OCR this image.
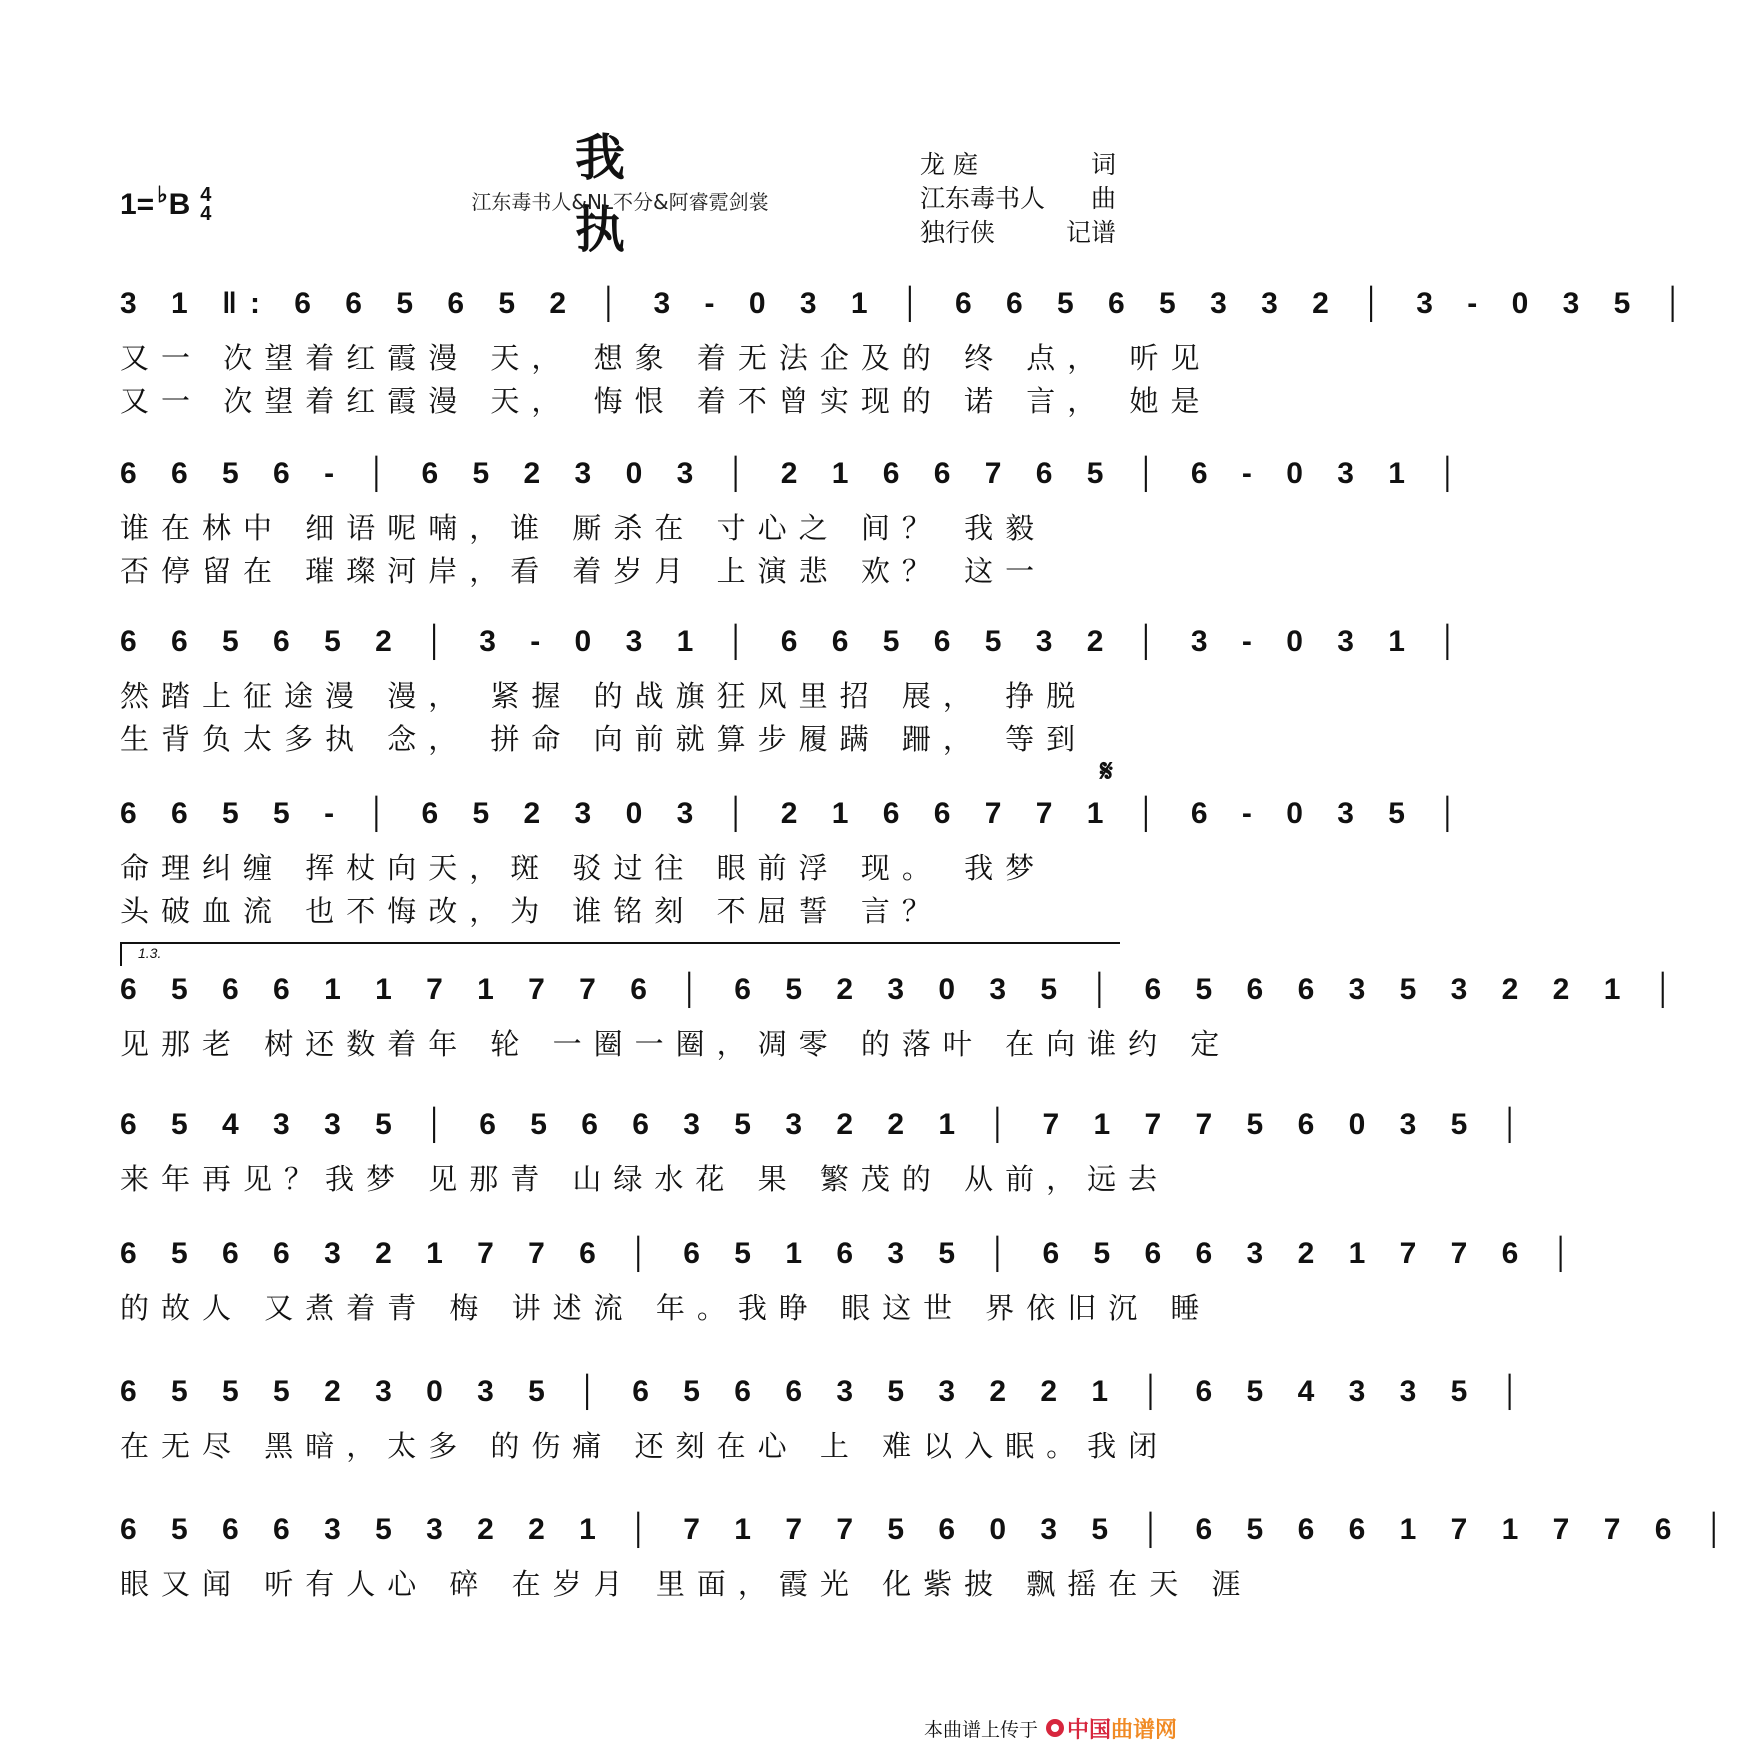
我 执
江东毒书人&NL不分&阿睿霓剑裳
1= ♭ B 4
4
龙 庭	词
江东毒书人 曲
独行侠	记谱
3 1 ‖: 6 6 5 6 5 2 │ 3 - 0 3 1 │ 6 6 5 6 5 3 3 2 │ 3 - 0 3 5 │
又一 次望着红霞漫 天， 想象 着无法企及的 终 点， 听见
又一 次望着红霞漫 天， 悔恨 着不曾实现的 诺 言， 她是
6 6 5 6 - │ 6 5 2 3 0 3 │ 2 1 6 6 7 6 5 │ 6 - 0 3 1 │
谁在林中 细语呢喃，谁 厮杀在 寸心之 间？ 我毅
否停留在 璀璨河岸，看 着岁月 上演悲 欢？ 这一
6 6 5 6 5 2 │ 3 - 0 3 1 │ 6 6 5 6 5 3 2 │ 3 - 0 3 1 │
然踏上征途漫 漫， 紧握 的战旗狂风里招 展， 挣脱
生背负太多执 念， 拼命 向前就算步履蹒 跚， 等到
𝄋
6 6 5 5 - │ 6 5 2 3 0 3 │ 2 1 6 6 7 7 1 │ 6 - 0 3 5 │
命理纠缠 挥杖向天，斑 驳过往 眼前浮 现。 我梦
头破血流 也不悔改，为 谁铭刻 不屈誓 言？
1.3.
6 5 6 6 1 1 7 1 7 7 6 │ 6 5 2 3 0 3 5 │ 6 5 6 6 3 5 3 2 2 1 │
见那老 树还数着年 轮 一圈一圈，凋零 的落叶 在向谁约 定
6 5 4 3 3 5 │ 6 5 6 6 3 5 3 2 2 1 │ 7 1 7 7 5 6 0 3 5 │
来年再见？我梦 见那青 山绿水花 果 繁茂的 从前，远去
6 5 6 6 3 2 1 7 7 6 │ 6 5 1 6 3 5 │ 6 5 6 6 3 2 1 7 7 6 │
的故人 又煮着青 梅 讲述流 年。我睁 眼这世 界依旧沉 睡
6 5 5 5 2 3 0 3 5 │ 6 5 6 6 3 5 3 2 2 1 │ 6 5 4 3 3 5 │
在无尽 黑暗，太多 的伤痛 还刻在心 上 难以入眠。我闭
6 5 6 6 3 5 3 2 2 1 │ 7 1 7 7 5 6 0 3 5 │ 6 5 6 6 1 7 1 7 7 6 │
眼又闻 听有人心 碎 在岁月 里面，霞光 化紫披 飘摇在天 涯
本曲谱上传于 中国 曲谱网
